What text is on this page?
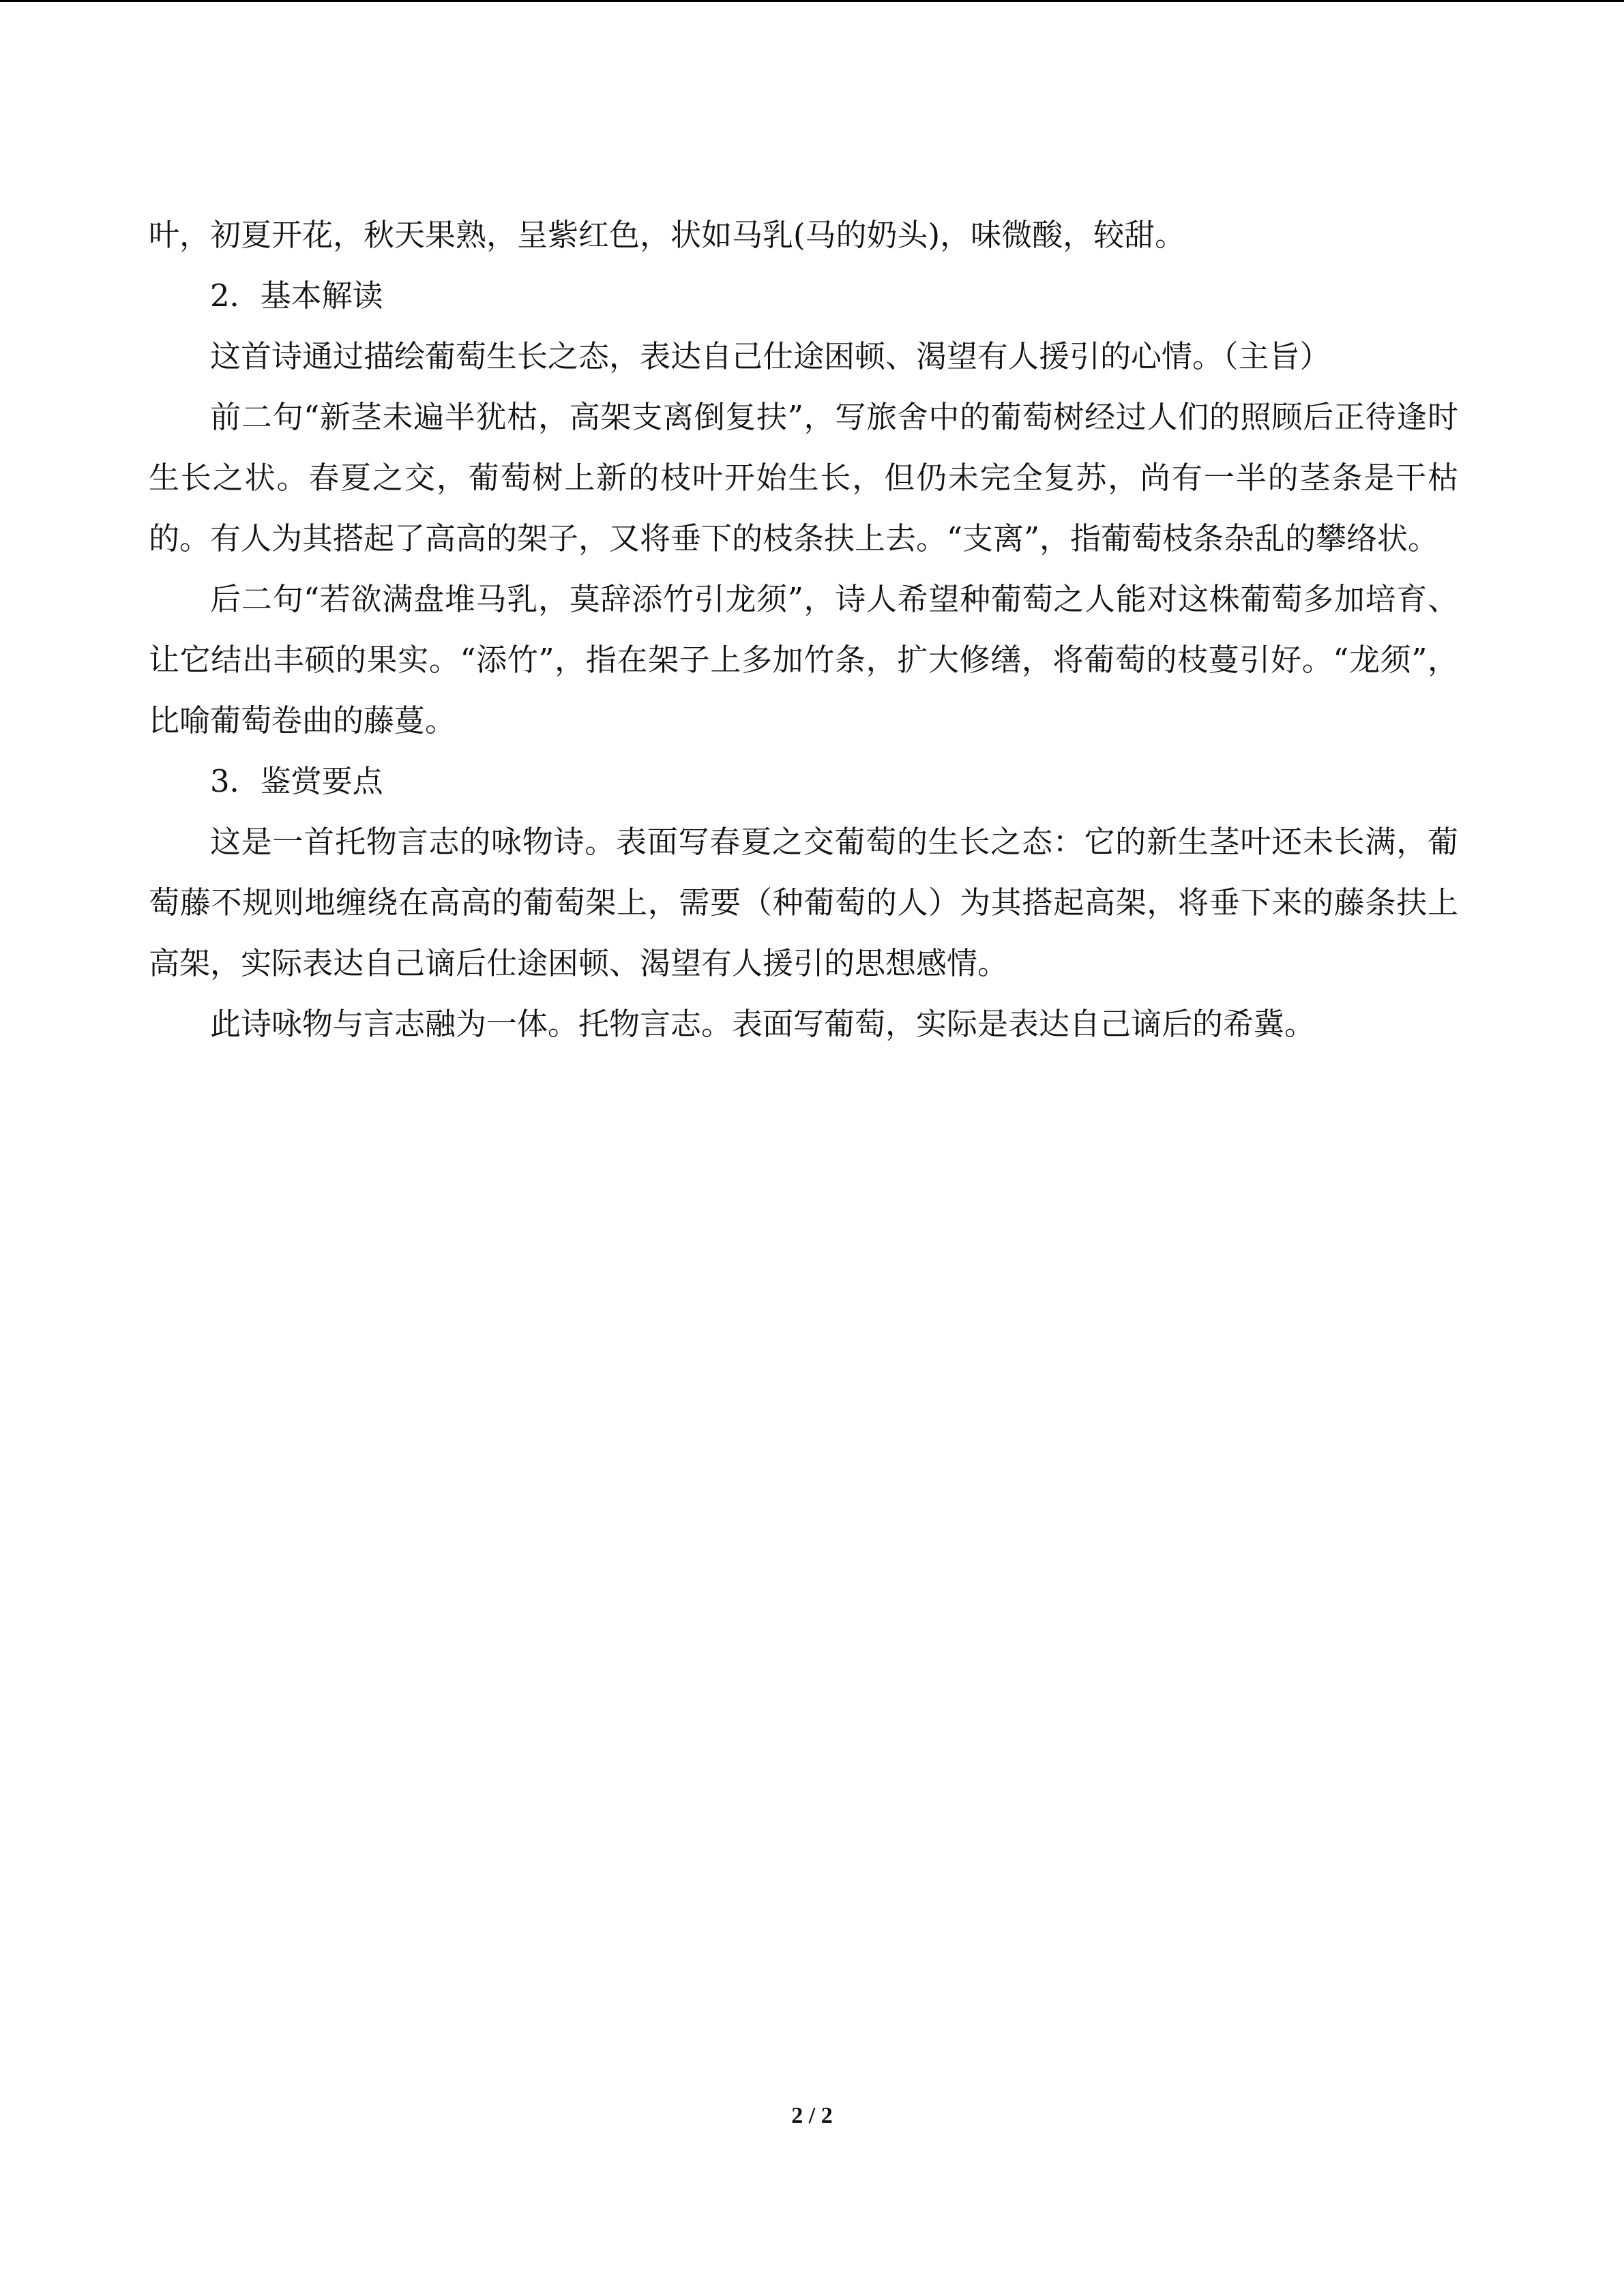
叶，初夏开花，秋天果熟，呈紫红色，状如马乳(马的奶头)，味微酸，较甜。

2．基本解读

这首诗通过描绘葡萄生长之态，表达自己仕途困顿、渴望有人援引的心情。（主旨）

前二句“新茎未遍半犹枯，高架支离倒复扶”，写旅舍中的葡萄树经过人们的照顾后正待逢时生长之状。春夏之交，葡萄树上新的枝叶开始生长，但仍未完全复苏，尚有一半的茎条是干枯的。有人为其搭起了高高的架子，又将垂下的枝条扶上去。“支离”，指葡萄枝条杂乱的攀络状。

后二句“若欲满盘堆马乳，莫辞添竹引龙须”，诗人希望种葡萄之人能对这株葡萄多加培育、让它结出丰硕的果实。“添竹”，指在架子上多加竹条，扩大修缮，将葡萄的枝蔓引好。“龙须”，比喻葡萄卷曲的藤蔓。

3．鉴赏要点

这是一首托物言志的咏物诗。表面写春夏之交葡萄的生长之态：它的新生茎叶还未长满，葡萄藤不规则地缠绕在高高的葡萄架上，需要（种葡萄的人）为其搭起高架，将垂下来的藤条扶上高架，实际表达自己谪后仕途困顿、渴望有人援引的思想感情。

此诗咏物与言志融为一体。托物言志。表面写葡萄，实际是表达自己谪后的希冀。

2 / 2
